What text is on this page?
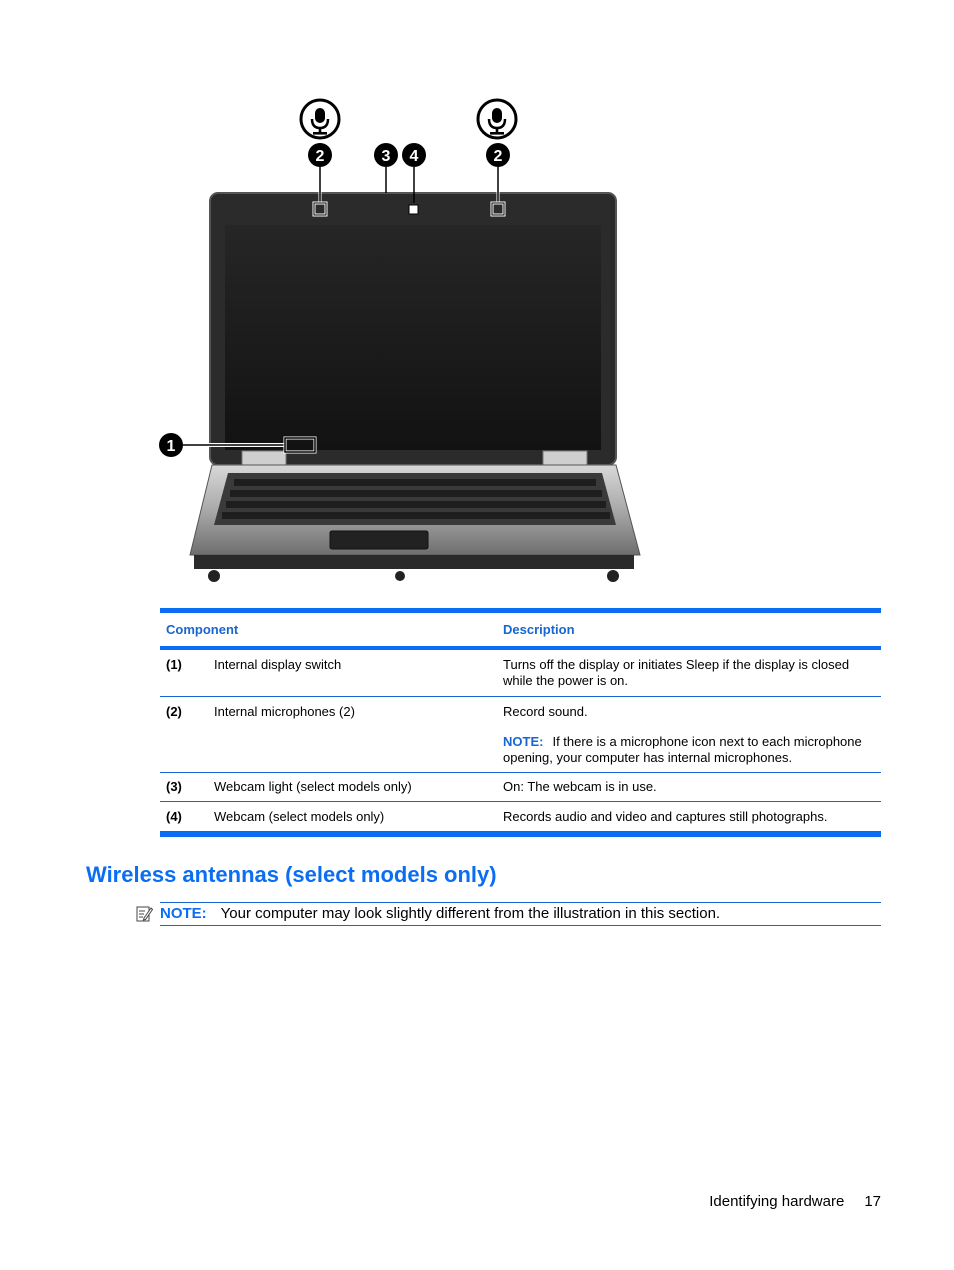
2	3 4	2
1
Component	Description
(1)	Internal display switch	Turns off the display or initiates Sleep if the display is closed while the power is on.
(2)	Internal microphones (2)	Record sound.
NOTE: If there is a microphone icon next to each microphone opening, your computer has internal microphones.
(3)	Webcam light (select models only)	On: The webcam is in use.
(4)	Webcam (select models only)	Records audio and video and captures still photographs.
Wireless antennas (select models only)
NOTE: Your computer may look slightly different from the illustration in this section.
Identifying hardware 17
